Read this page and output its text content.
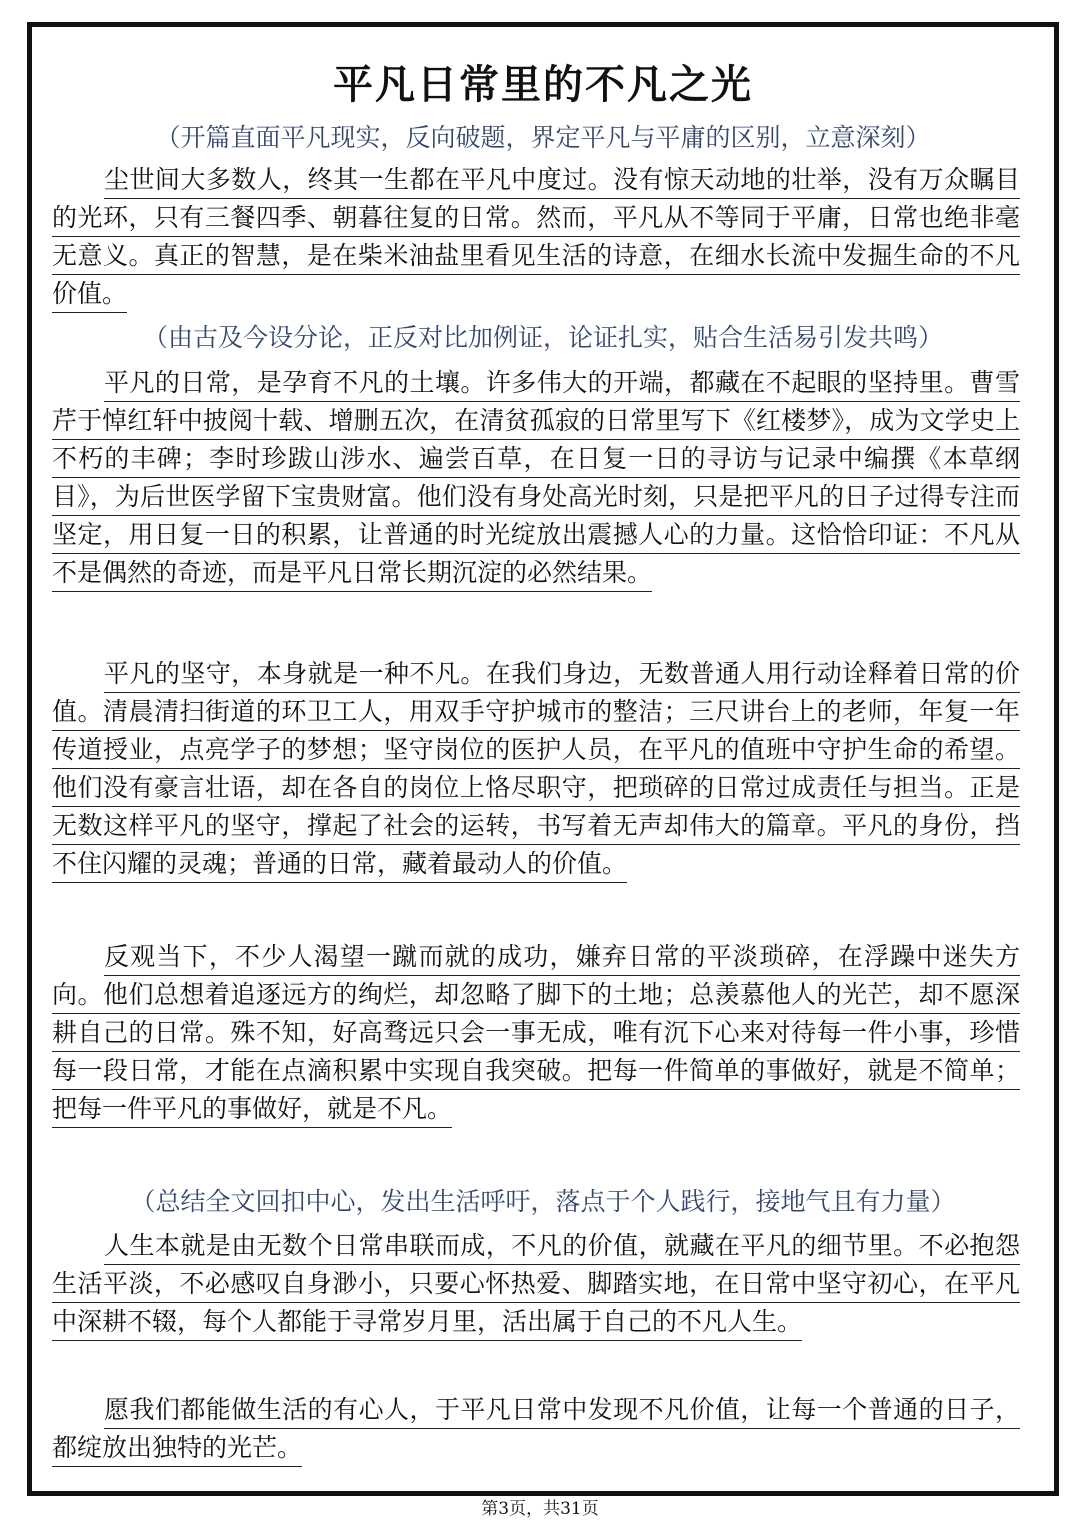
平凡日常里的不凡之光
（开篇直面平凡现实，反向破题，界定平凡与平庸的区别，立意深刻）

尘世间大多数人，终其一生都在平凡中度过。没有惊天动地的壮举，没有万众瞩目的光环，只有三餐四季、朝暮往复的日常。然而，平凡从不等同于平庸，日常也绝非毫无意义。真正的智慧，是在柴米油盐里看见生活的诗意，在细水长流中发掘生命的不凡价值。

（由古及今设分论，正反对比加例证，论证扎实，贴合生活易引发共鸣）

平凡的日常，是孕育不凡的土壤。许多伟大的开端，都藏在不起眼的坚持里。曹雪芹于悼红轩中披阅十载、增删五次，在清贫孤寂的日常里写下《红楼梦》，成为文学史上不朽的丰碑；李时珍跋山涉水、遍尝百草，在日复一日的寻访与记录中编撰《本草纲目》，为后世医学留下宝贵财富。他们没有身处高光时刻，只是把平凡的日子过得专注而坚定，用日复一日的积累，让普通的时光绽放出震撼人心的力量。这恰恰印证：不凡从不是偶然的奇迹，而是平凡日常长期沉淀的必然结果。

平凡的坚守，本身就是一种不凡。在我们身边，无数普通人用行动诠释着日常的价值。清晨清扫街道的环卫工人，用双手守护城市的整洁；三尺讲台上的老师，年复一年传道授业，点亮学子的梦想；坚守岗位的医护人员，在平凡的值班中守护生命的希望。他们没有豪言壮语，却在各自的岗位上恪尽职守，把琐碎的日常过成责任与担当。正是无数这样平凡的坚守，撑起了社会的运转，书写着无声却伟大的篇章。平凡的身份，挡不住闪耀的灵魂；普通的日常，藏着最动人的价值。

反观当下，不少人渴望一蹴而就的成功，嫌弃日常的平淡琐碎，在浮躁中迷失方向。他们总想着追逐远方的绚烂，却忽略了脚下的土地；总羡慕他人的光芒，却不愿深耕自己的日常。殊不知，好高骛远只会一事无成，唯有沉下心来对待每一件小事，珍惜每一段日常，才能在点滴积累中实现自我突破。把每一件简单的事做好，就是不简单；把每一件平凡的事做好，就是不凡。

（总结全文回扣中心，发出生活呼吁，落点于个人践行，接地气且有力量）

人生本就是由无数个日常串联而成，不凡的价值，就藏在平凡的细节里。不必抱怨生活平淡，不必感叹自身渺小，只要心怀热爱、脚踏实地，在日常中坚守初心，在平凡中深耕不辍，每个人都能于寻常岁月里，活出属于自己的不凡人生。

愿我们都能做生活的有心人，于平凡日常中发现不凡价值，让每一个普通的日子，都绽放出独特的光芒。

第3页，共31页
